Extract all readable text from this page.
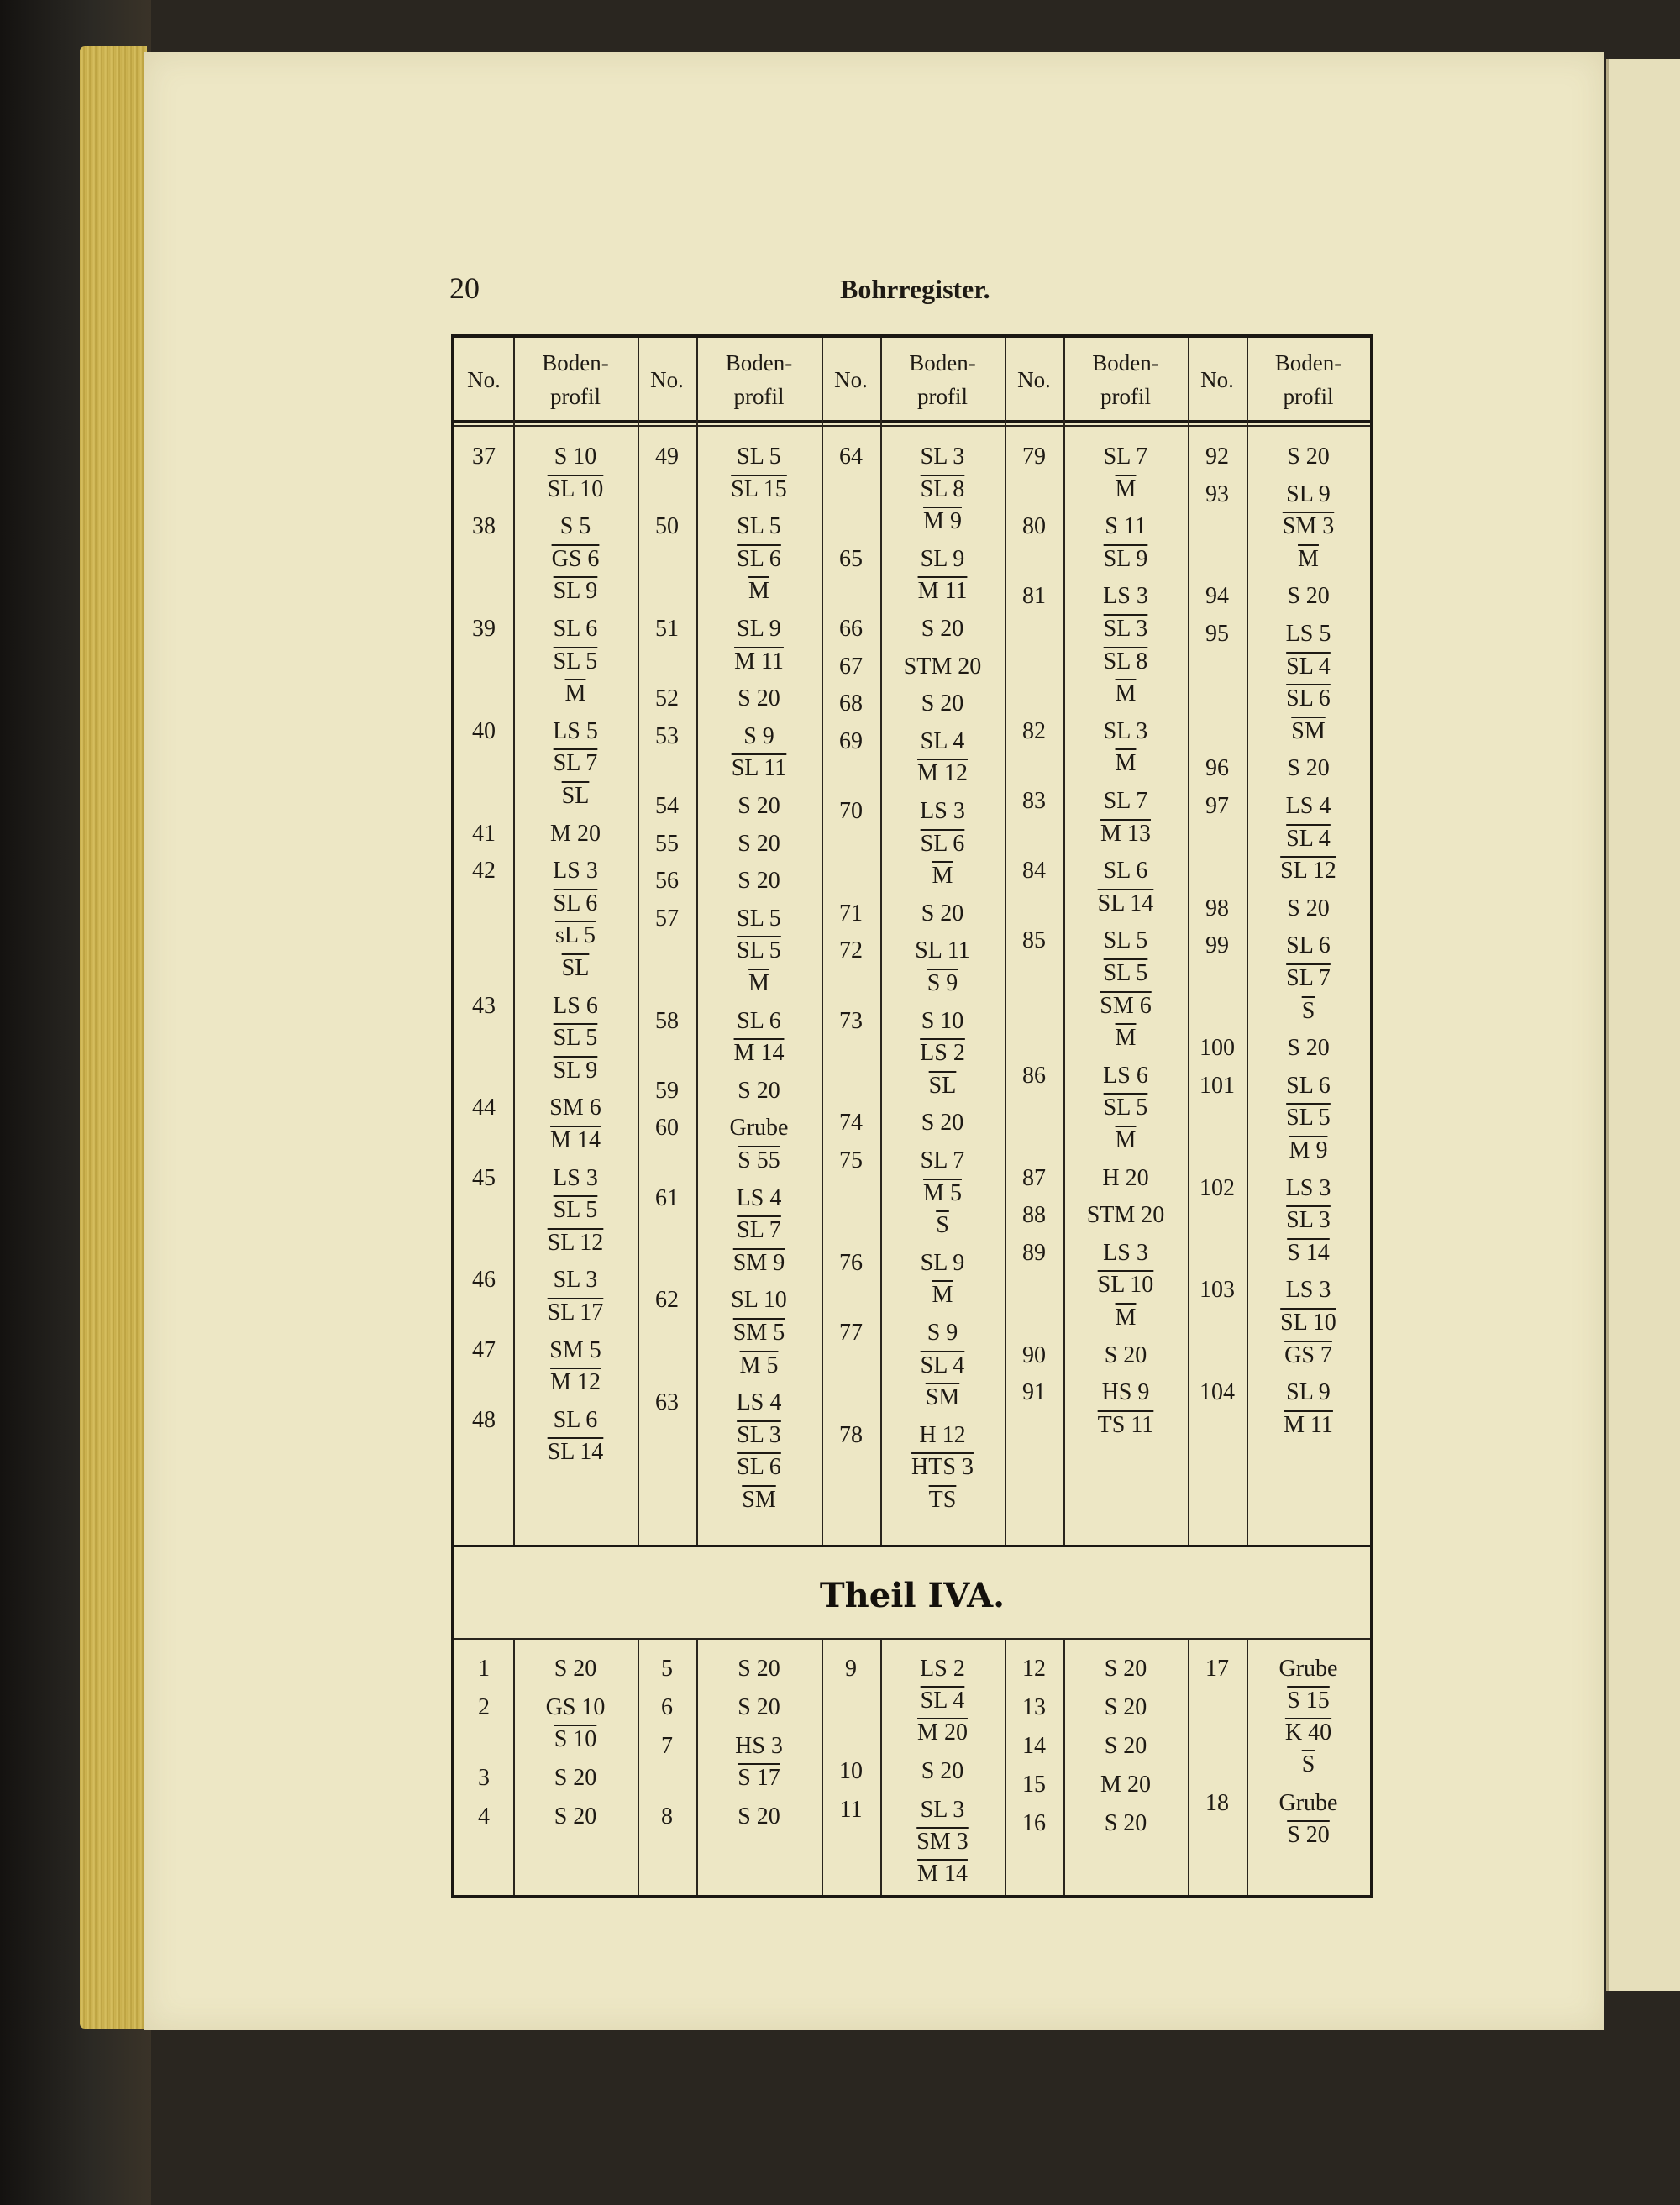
20	Bohrregister.
Theil IVA.
No.
Boden-
profil
No.
Boden-
profil
No.
Boden-
profil
No.
Boden-
profil
No.
Boden-
profil
37	S 10
SL 10
38	S 5
GS 6
SL 9
39	SL 6
SL 5
$\overline{M}$
40	LS 5
SL 7
$\overline{SL}$
41	M 20
42	LS 3
SL 6
sL 5
$\overline{SL}$
43	LS 6
SL 5
SL 9
44	SM 6
M 14
45	LS 3
SL 5
SL 12
46	SL 3
SL 17
47	SM 5
M 12
48	SL 6
SL 14
49	SL 5
SL 15
50	SL 5
SL 6
$\overline{M}$
51	SL 9
M 11
52	S 20
53	S 9
SL 11
54	S 20
55	S 20
56	S 20
57	SL 5
SL 5
$\overline{M}$
58	SL 6
M 14
59	S 20
60	Grube
S 55
61	LS 4
SL 7
SM 9
62	SL 10
SM 5
M 5
63	LS 4
SL 3
SL 6
$\overline{SM}$
64	SL 3
SL 8
M 9
65	SL 9
M 11
66	S 20
67	STM 20
68	S 20
69	SL 4
M 12
70	LS 3
SL 6
$\overline{M}$
71	S 20
72	SL 11
S 9
73	S 10
LS 2
$\overline{SL}$
74	S 20
75	SL 7
M 5
$\overline{S}$
76	SL 9
$\overline{M}$
77	S 9
SL 4
$\overline{SM}$
78	H 12
HTS 3
$\overline{TS}$
79	SL 7
$\overline{M}$
80	S 11
SL 9
81	LS 3
SL 3
SL 8
$\overline{M}$
82	SL 3
$\overline{M}$
83	SL 7
M 13
84	SL 6
SL 14
85	SL 5
SL 5
SM 6
$\overline{M}$
86	LS 6
SL 5
$\overline{M}$
87	H 20
88	STM 20
89	LS 3
SL 10
$\overline{M}$
90	S 20
91	HS 9
TS 11
92	S 20
93	SL 9
SM 3
$\overline{M}$
94	S 20
95	LS 5
SL 4
SL 6
$\overline{SM}$
96	S 20
97	LS 4
SL 4
SL 12
98	S 20
99	SL 6
SL 7
$\overline{S}$
100	S 20
101	SL 6
SL 5
M 9
102	LS 3
SL 3
S 14
103	LS 3
SL 10
GS 7
104	SL 9
M 11
1	S 20
2	GS 10
S 10
3	S 20
4	S 20
5	S 20
6	S 20
7	HS 3
S 17
8	S 20
9	LS 2
SL 4
M 20
10	S 20
11	SL 3
SM 3
M 14
12	S 20
13	S 20
14	S 20
15	M 20
16	S 20
17	Grube
S 15
K 40
$\overline{S}$
18	Grube
S 20
